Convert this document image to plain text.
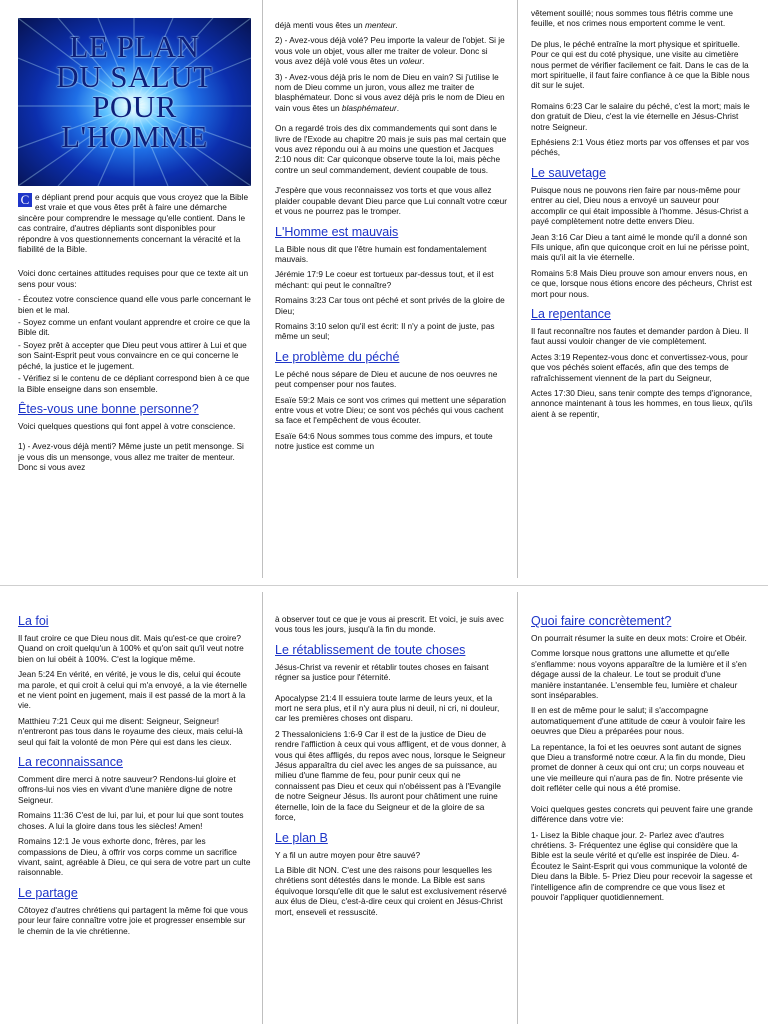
LE PLAN
DU SALUT
POUR
L'HOMME

C e dépliant prend pour acquis que vous croyez que la Bible est vraie et que vous êtes prêt à faire une démarche sincère pour comprendre le message qu'elle contient. Dans le cas contraire, d'autres dépliants sont disponibles pour répondre à vos questionnements concernant la véracité et la fiabilité de la Bible.

Voici donc certaines attitudes requises pour que ce texte ait un sens pour vous:

- Écoutez votre conscience quand elle vous parle concernant le bien et le mal.

- Soyez comme un enfant voulant apprendre et croire ce que la Bible dit.

- Soyez prêt à accepter que Dieu peut vous attirer à Lui et que son Saint-Esprit peut vous convaincre en ce qui concerne le péché, la justice et le jugement.

- Vérifiez si le contenu de ce dépliant correspond bien à ce que la Bible enseigne dans son ensemble.

Êtes-vous une bonne personne?

Voici quelques questions qui font appel à votre conscience.

1) - Avez-vous déjà menti? Même juste un petit mensonge. Si je vous dis un mensonge, vous allez me traiter de menteur. Donc si vous avez

déjà menti vous êtes un menteur.

2) - Avez-vous déjà volé? Peu importe la valeur de l'objet. Si je vous vole un objet, vous aller me traiter de voleur. Donc si vous avez déjà volé vous êtes un voleur.

3) - Avez-vous déjà pris le nom de Dieu en vain? Si j'utilise le nom de Dieu comme un juron, vous allez me traiter de blasphémateur. Donc si vous avez déjà pris le nom de Dieu en vain vous êtes un blasphémateur.

On a regardé trois des dix commandements qui sont dans le livre de l'Exode au chapitre 20 mais je suis pas mal certain que vous avez répondu oui à au moins une question et Jacques 2:10 nous dit: Car quiconque observe toute la loi, mais pèche contre un seul commandement, devient coupable de tous.

J'espère que vous reconnaissez vos torts et que vous allez plaider coupable devant Dieu parce que Lui connaît votre cœur et vous ne pourrez pas le tromper.

L'Homme est mauvais

La Bible nous dit que l'être humain est fondamentalement mauvais.

Jérémie 17:9 Le coeur est tortueux par-dessus tout, et il est méchant: qui peut le connaître?

Romains 3:23 Car tous ont péché et sont privés de la gloire de Dieu;

Romains 3:10 selon qu'il est écrit: Il n'y a point de juste, pas même un seul;

Le problème du péché

Le péché nous sépare de Dieu et aucune de nos oeuvres ne peut compenser pour nos fautes.

Esaïe 59:2 Mais ce sont vos crimes qui mettent une séparation entre vous et votre Dieu; ce sont vos péchés qui vous cachent sa face et l'empêchent de vous écouter.

Esaïe 64:6 Nous sommes tous comme des impurs, et toute notre justice est comme un

vêtement souillé; nous sommes tous flétris comme une feuille, et nos crimes nous emportent comme le vent.

De plus, le péché entraîne la mort physique et spirituelle. Pour ce qui est du coté physique, une visite au cimetière nous permet de vérifier facilement ce fait. Dans le cas de la mort spirituelle, il faut faire confiance à ce que la Bible nous dit sur le sujet.

Romains 6:23 Car le salaire du péché, c'est la mort; mais le don gratuit de Dieu, c'est la vie éternelle en Jésus-Christ notre Seigneur.

Ephésiens 2:1 Vous étiez morts par vos offenses et par vos péchés,

Le sauvetage

Puisque nous ne pouvons rien faire par nous-même pour entrer au ciel, Dieu nous a envoyé un sauveur pour accomplir ce qui était impossible à l'homme. Jésus-Christ a payé complètement notre dette envers Dieu.

Jean 3:16 Car Dieu a tant aimé le monde qu'il a donné son Fils unique, afin que quiconque croit en lui ne périsse point, mais qu'il ait la vie éternelle.

Romains 5:8 Mais Dieu prouve son amour envers nous, en ce que, lorsque nous étions encore des pécheurs, Christ est mort pour nous.

La repentance

Il faut reconnaître nos fautes et demander pardon à Dieu. Il faut aussi vouloir changer de vie complètement.

Actes 3:19 Repentez-vous donc et convertissez-vous, pour que vos péchés soient effacés, afin que des temps de rafraîchissement viennent de la part du Seigneur,

Actes 17:30 Dieu, sans tenir compte des temps d'ignorance, annonce maintenant à tous les hommes, en tous lieux, qu'ils aient à se repentir,

La foi

Il faut croire ce que Dieu nous dit. Mais qu'est-ce que croire? Quand on croit quelqu'un à 100% et qu'on sait qu'il veut notre bien on lui obéit à 100%. C'est la logique même.

Jean 5:24 En vérité, en vérité, je vous le dis, celui qui écoute ma parole, et qui croit à celui qui m'a envoyé, a la vie éternelle et ne vient point en jugement, mais il est passé de la mort à la vie.

Matthieu 7:21 Ceux qui me disent: Seigneur, Seigneur! n'entreront pas tous dans le royaume des cieux, mais celui-là seul qui fait la volonté de mon Père qui est dans les cieux.

La reconnaissance

Comment dire merci à notre sauveur? Rendons-lui gloire et offrons-lui nos vies en vivant d'une manière digne de notre Seigneur.

Romains 11:36 C'est de lui, par lui, et pour lui que sont toutes choses. A lui la gloire dans tous les siècles! Amen!

Romains 12:1 Je vous exhorte donc, frères, par les compassions de Dieu, à offrir vos corps comme un sacrifice vivant, saint, agréable à Dieu, ce qui sera de votre part un culte raisonnable.

Le partage

Côtoyez d'autres chrétiens qui partagent la même foi que vous pour leur faire connaître votre joie et progresser ensemble sur le chemin de la vie chrétienne.

à observer tout ce que je vous ai prescrit. Et voici, je suis avec vous tous les jours, jusqu'à la fin du monde.

Le rétablissement de toute choses

Jésus-Christ va revenir et rétablir toutes choses en faisant régner sa justice pour l'éternité.

Apocalypse 21:4 Il essuiera toute larme de leurs yeux, et la mort ne sera plus, et il n'y aura plus ni deuil, ni cri, ni douleur, car les premières choses ont disparu.

2 Thessaloniciens 1:6-9 Car il est de la justice de Dieu de rendre l'affliction à ceux qui vous affligent, et de vous donner, à vous qui êtes affligés, du repos avec nous, lorsque le Seigneur Jésus apparaîtra du ciel avec les anges de sa puissance, au milieu d'une flamme de feu, pour punir ceux qui ne connaissent pas Dieu et ceux qui n'obéissent pas à l'Evangile de notre Seigneur Jésus. Ils auront pour châtiment une ruine éternelle, loin de la face du Seigneur et de la gloire de sa force,

Le plan B

Y a fil un autre moyen pour être sauvé?

La Bible dit NON. C'est une des raisons pour lesquelles les chrétiens sont détestés dans le monde. La Bible est sans équivoque lorsqu'elle dit que le salut est exclusivement réservé aux élus de Dieu, c'est-à-dire ceux qui croient en Jésus-Christ mort, enseveli et ressuscité.

Quoi faire concrètement?

On pourrait résumer la suite en deux mots: Croire et Obéir.

Comme lorsque nous grattons une allumette et qu'elle s'enflamme: nous voyons apparaître de la lumière et il s'en dégage aussi de la chaleur. Le tout se produit d'une manière instantanée. L'ensemble feu, lumière et chaleur sont inséparables.

Il en est de même pour le salut; il s'accompagne automatiquement d'une attitude de cœur à vouloir faire les oeuvres que Dieu a préparées pour nous.

La repentance, la foi et les oeuvres sont autant de signes que Dieu a transformé notre cœur. A la fin du monde, Dieu promet de donner à ceux qui ont cru; un corps nouveau et une vie meilleure qui n'aura pas de fin. Notre présente vie doit refléter celle qui nous a été promise.

Voici quelques gestes concrets qui peuvent faire une grande différence dans votre vie:

1- Lisez la Bible chaque jour. 2- Parlez avec d'autres chrétiens. 3- Fréquentez une église qui considère que la Bible est la seule vérité et qu'elle est inspirée de Dieu. 4- Écoutez le Saint-Esprit qui vous communique la volonté de Dieu dans la Bible. 5- Priez Dieu pour recevoir la sagesse et l'intelligence afin de comprendre ce que vous lisez et pouvoir l'appliquer quotidiennement.
